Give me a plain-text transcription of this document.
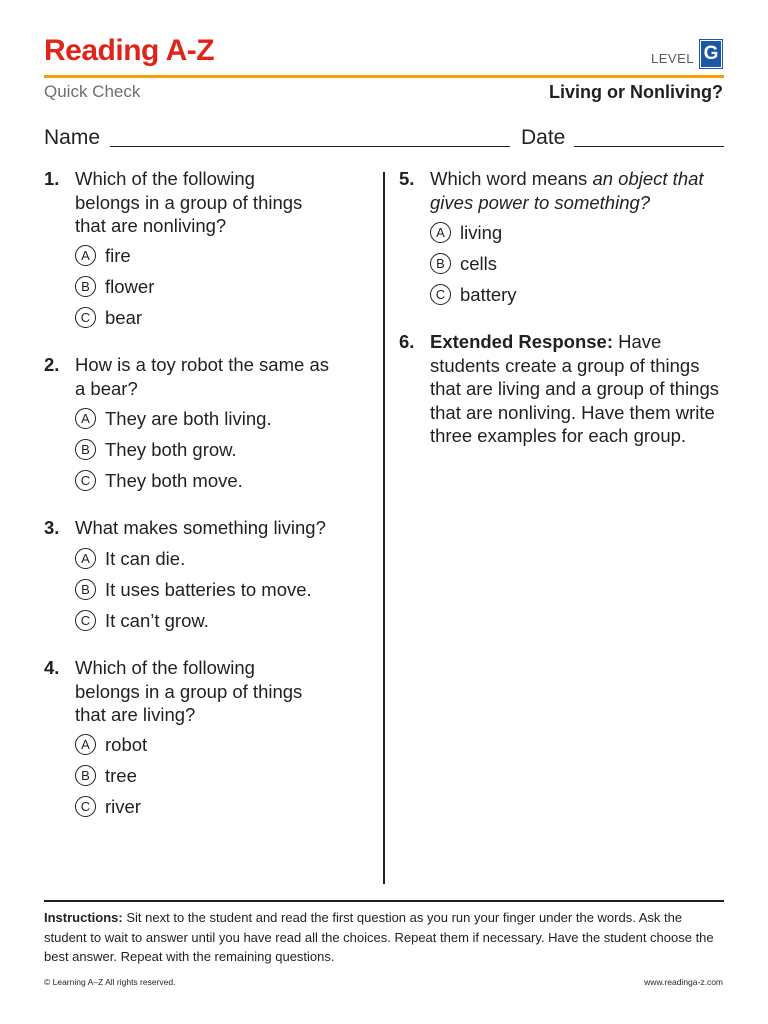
Reading A-Z	LEVEL G
Quick Check	Living or Nonliving?
Name	Date
1. Which of the following belongs in a group of things that are nonliving?
A fire
B flower
C bear
2. How is a toy robot the same as a bear?
A They are both living.
B They both grow.
C They both move.
3. What makes something living?
A It can die.
B It uses batteries to move.
C It can’t grow.
4. Which of the following belongs in a group of things that are living?
A robot
B tree
C river
5. Which word means an object that gives power to something?
A living
B cells
C battery
6. Extended Response: Have students create a group of things that are living and a group of things that are nonliving. Have them write three examples for each group.
Instructions: Sit next to the student and read the first question as you run your finger under the words. Ask the student to wait to answer until you have read all the choices. Repeat them if necessary. Have the student choose the best answer. Repeat with the remaining questions.
© Learning A–Z All rights reserved.	www.readinga-z.com
